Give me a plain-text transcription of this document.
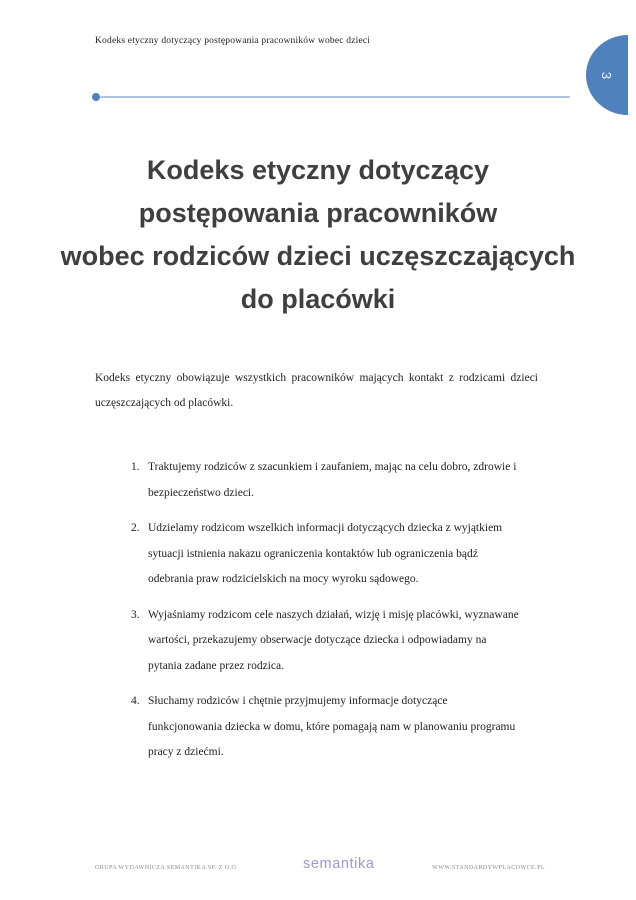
Kodeks etyczny dotyczący postępowania pracowników wobec dzieci
3
Kodeks etyczny dotyczący
postępowania pracowników
wobec rodziców dzieci uczęszczających
do placówki
Kodeks etyczny obowiązuje wszystkich pracowników mających kontakt z rodzicami dzieci uczęszczających od placówki.
1. Traktujemy rodziców z szacunkiem i zaufaniem, mając na celu dobro, zdrowie i bezpieczeństwo dzieci.
2. Udzielamy rodzicom wszelkich informacji dotyczących dziecka z wyjątkiem sytuacji istnienia nakazu ograniczenia kontaktów lub ograniczenia bądź odebrania praw rodzicielskich na mocy wyroku sądowego.
3. Wyjaśniamy rodzicom cele naszych działań, wizję i misję placówki, wyznawane wartości, przekazujemy obserwacje dotyczące dziecka i odpowiadamy na pytania zadane przez rodzica.
4. Słuchamy rodziców i chętnie przyjmujemy informacje dotyczące funkcjonowania dziecka w domu, które pomagają nam w planowaniu programu pracy z dziećmi.
GRUPA WYDAWNICZA SEMANTIKA SP. Z O.O.	semantika	WWW.STANDARDYWPLACOWCE.PL
